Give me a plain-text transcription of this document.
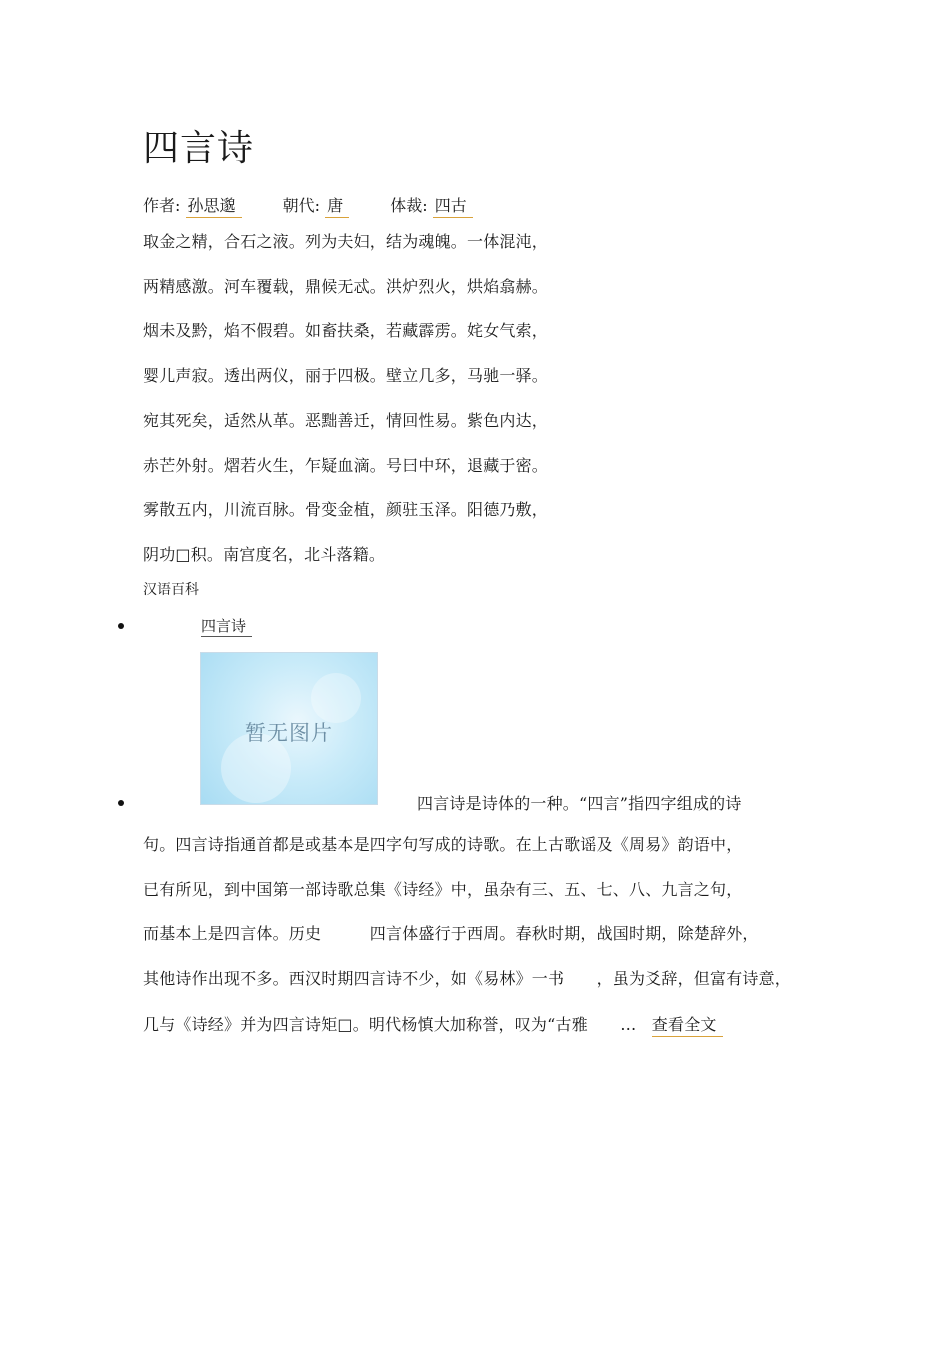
四言诗
作者: 孙思邈	朝代: 唐	体裁: 四古
取金之精，合石之液。列为夫妇，结为魂魄。一体混沌，
两精感激。河车覆载，鼎候无忒。洪炉烈火，烘焰翕赫。
烟未及黔，焰不假碧。如畜扶桑，若藏霹雳。姹女气索，
婴儿声寂。透出两仪，丽于四极。壁立几多，马驰一驿。
宛其死矣，适然从革。恶黜善迁，情回性易。紫色内达，
赤芒外射。熠若火生，乍疑血滴。号曰中环，退藏于密。
雾散五内，川流百脉。骨变金植，颜驻玉泽。阳德乃敷，
阴功□积。南宫度名，北斗落籍。
汉语百科
四言诗
暂无图片
四言诗是诗体的一种。“四言”指四字组成的诗
句。四言诗指通首都是或基本是四字句写成的诗歌。在上古歌谣及《周易》韵语中，
已有所见，到中国第一部诗歌总集《诗经》中，虽杂有三、五、七、八、九言之句，
而基本上是四言体。历史　　　四言体盛行于西周。春秋时期，战国时期，除楚辞外，
其他诗作出现不多。西汉时期四言诗不少，如《易林》一书　　，虽为爻辞，但富有诗意，
几与《诗经》并为四言诗矩□。明代杨慎大加称誉，叹为“古雅　　… 查看全文
